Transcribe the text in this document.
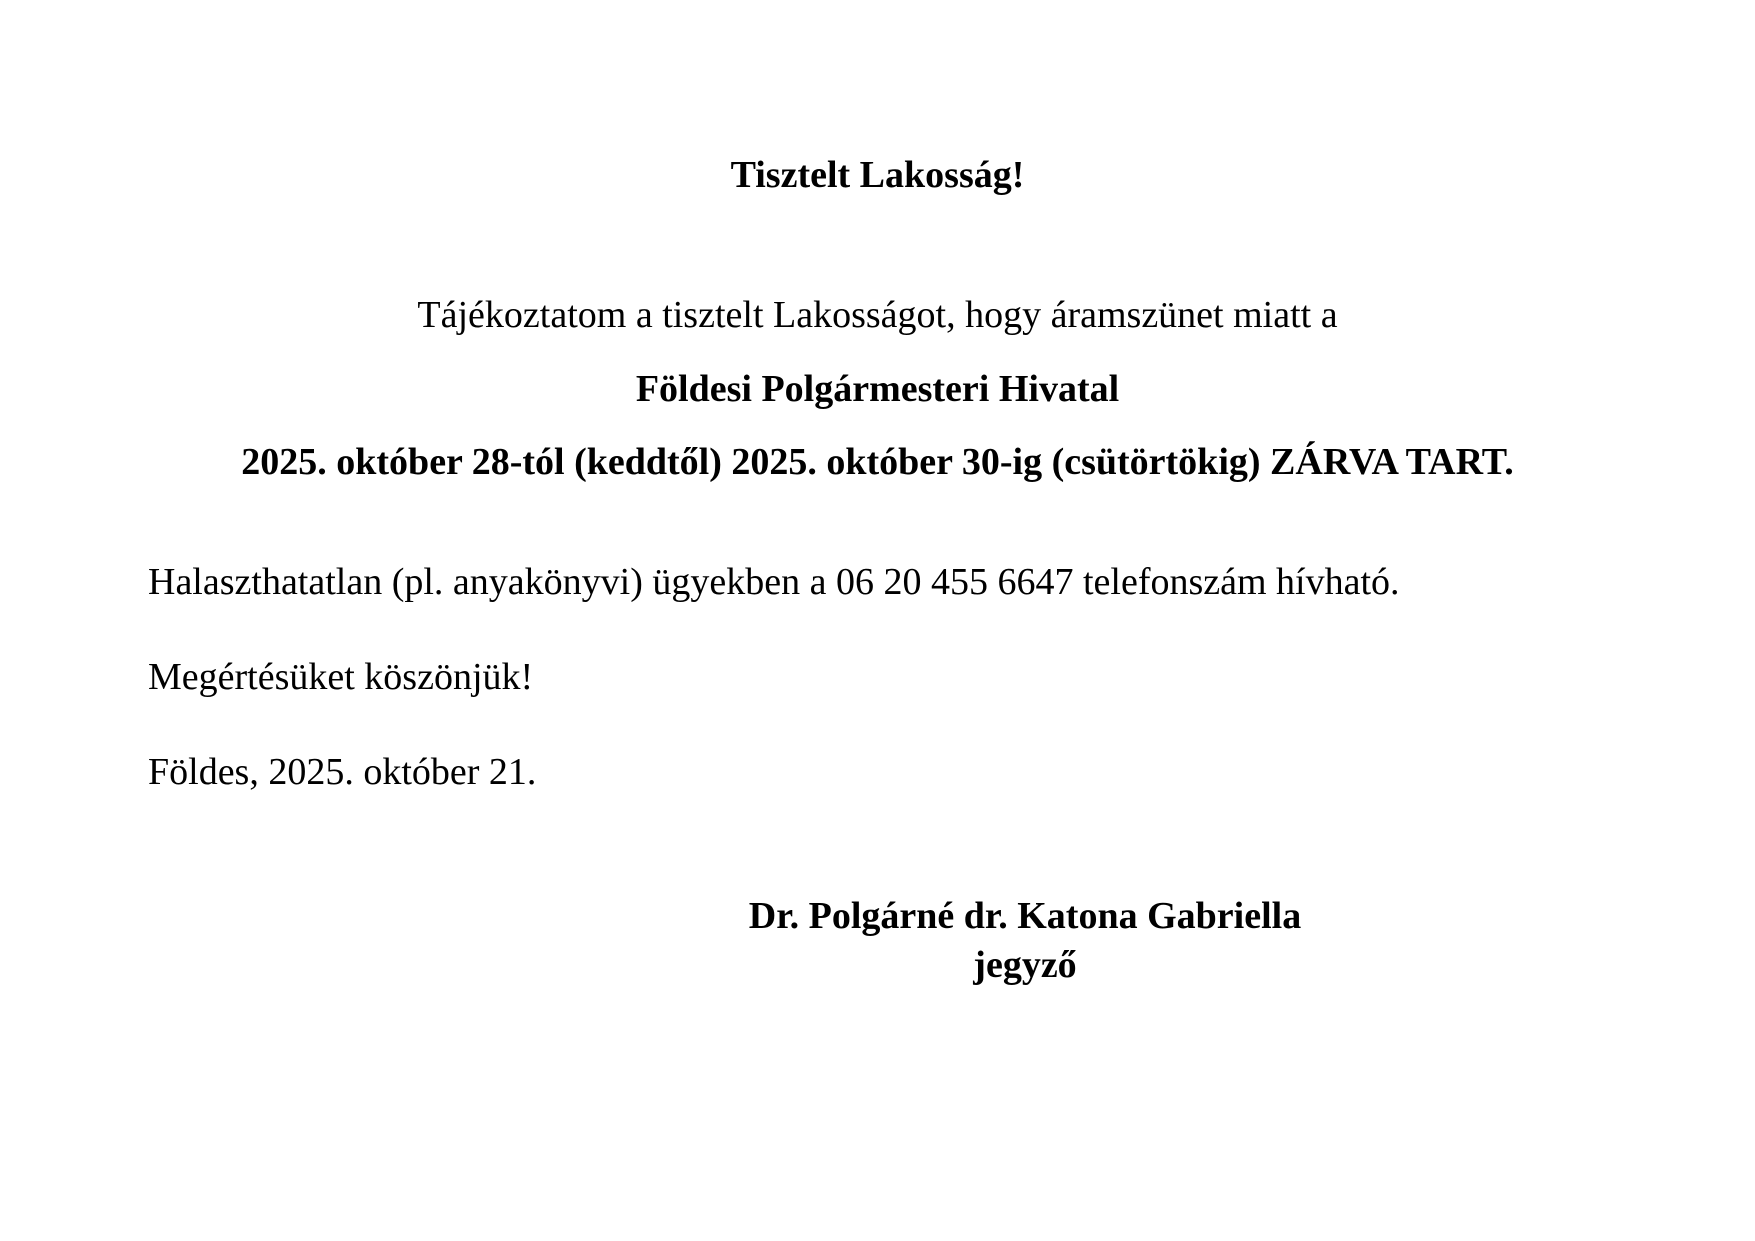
Tisztelt Lakosság!
Tájékoztatom a tisztelt Lakosságot, hogy áramszünet miatt a
Földesi Polgármesteri Hivatal
2025. október 28-tól (keddtől) 2025. október 30-ig (csütörtökig) ZÁRVA TART.
Halaszthatatlan (pl. anyakönyvi) ügyekben a 06 20 455 6647 telefonszám hívható.
Megértésüket köszönjük!
Földes, 2025. október 21.
Dr. Polgárné dr. Katona Gabriella
jegyző
